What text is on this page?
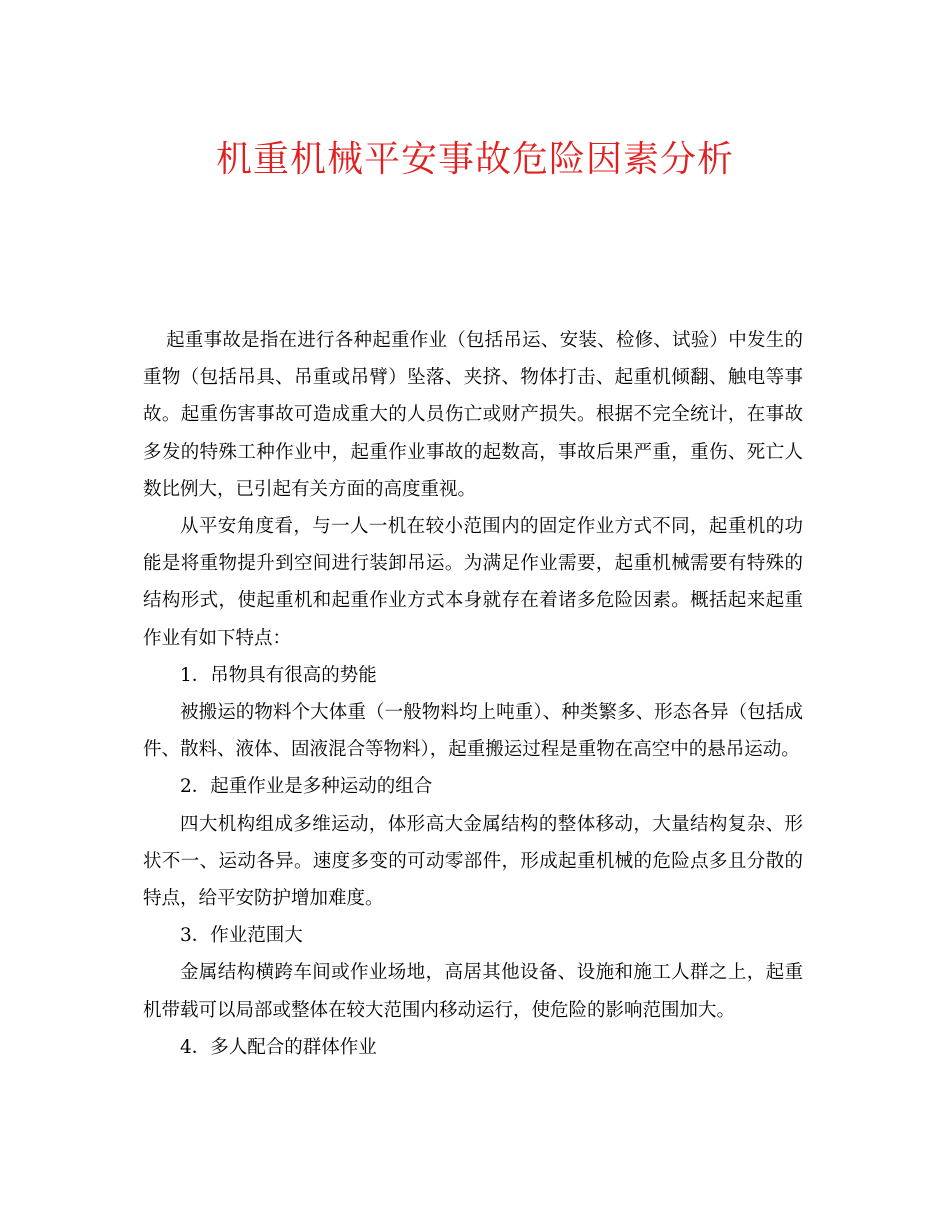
机重机械平安事故危险因素分析

起重事故是指在进行各种起重作业（包括吊运、安装、检修、试验）中发生的重物（包括吊具、吊重或吊臂）坠落、夹挤、物体打击、起重机倾翻、触电等事故。起重伤害事故可造成重大的人员伤亡或财产损失。根据不完全统计，在事故多发的特殊工种作业中，起重作业事故的起数高，事故后果严重，重伤、死亡人数比例大，已引起有关方面的高度重视。

从平安角度看，与一人一机在较小范围内的固定作业方式不同，起重机的功能是将重物提升到空间进行装卸吊运。为满足作业需要，起重机械需要有特殊的结构形式，使起重机和起重作业方式本身就存在着诸多危险因素。概括起来起重作业有如下特点：

1．吊物具有很高的势能

被搬运的物料个大体重（一般物料均上吨重）、种类繁多、形态各异（包括成件、散料、液体、固液混合等物料），起重搬运过程是重物在高空中的悬吊运动。

2．起重作业是多种运动的组合

四大机构组成多维运动，体形高大金属结构的整体移动，大量结构复杂、形状不一、运动各异。速度多变的可动零部件，形成起重机械的危险点多且分散的特点，给平安防护增加难度。

3．作业范围大

金属结构横跨车间或作业场地，高居其他设备、设施和施工人群之上，起重机带载可以局部或整体在较大范围内移动运行，使危险的影响范围加大。

4．多人配合的群体作业
